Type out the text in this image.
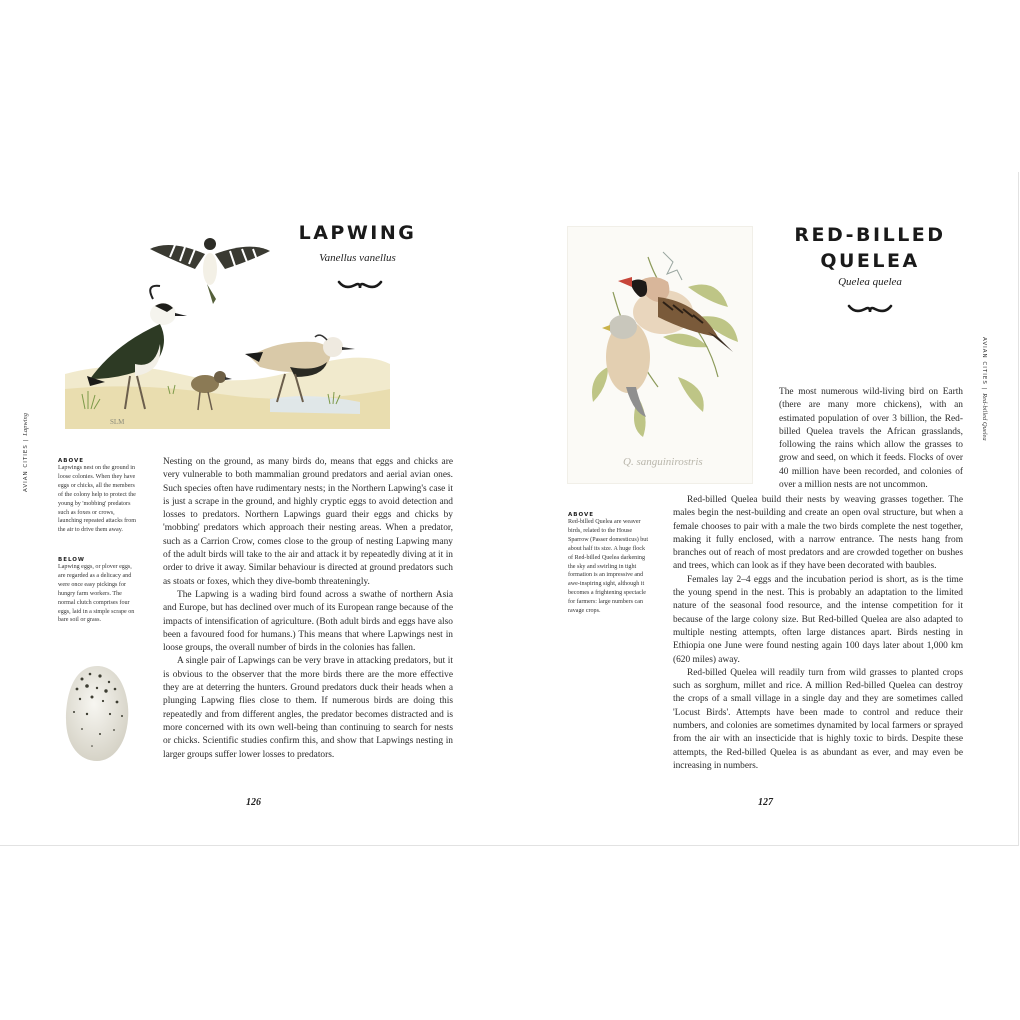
AVIAN CITIES | Lapwing	SLM
LAPWING
Vanellus vanellus
ABOVE
Lapwings nest on the ground in loose colonies. When they have eggs or chicks, all the members of the colony help to protect the young by 'mobbing' predators such as foxes or crows, launching repeated attacks from the air to drive them away.
BELOW
Lapwing eggs, or plover eggs, are regarded as a delicacy and were once easy pickings for hungry farm workers. The normal clutch comprises four eggs, laid in a simple scrape on bare soil or grass.

Nesting on the ground, as many birds do, means that eggs and chicks are very vulnerable to both mammalian ground predators and aerial avian ones. Such species often have rudimentary nests; in the Northern Lapwing's case it is just a scrape in the ground, and highly cryptic eggs to avoid detection and losses to predators. Northern Lapwings guard their eggs and chicks by 'mobbing' predators which approach their nesting areas. When a predator, such as a Carrion Crow, comes close to the group of nesting Lapwing many of the adult birds will take to the air and attack it by repeatedly diving at it in order to drive it away. Similar behaviour is directed at ground predators such as stoats or foxes, which they dive-bomb threateningly.

The Lapwing is a wading bird found across a swathe of northern Asia and Europe, but has declined over much of its European range because of the impacts of intensification of agriculture. (Both adult birds and eggs have also been a favoured food for humans.) This means that where Lapwings nest in loose groups, the overall number of birds in the colonies has fallen.

A single pair of Lapwings can be very brave in attacking predators, but it is obvious to the observer that the more birds there are the more effective they are at deterring the hunters. Ground predators duck their heads when a plunging Lapwing flies close to them. If numerous birds are doing this repeatedly and from different angles, the predator becomes distracted and is more concerned with its own well-being than continuing to search for nests or chicks. Scientific studies confirm this, and show that Lapwings nesting in larger groups suffer lower losses to predators.

126
Q. sanguinirostris
RED-BILLED
QUELEA
Quelea quelea
AVIAN CITIES | Red-billed Quelea
ABOVE
Red-billed Quelea are weaver birds, related to the House Sparrow (Passer domesticus) but about half its size. A huge flock of Red-billed Quelea darkening the sky and swirling in tight formation is an impressive and awe-inspiring sight, although it becomes a frightening spectacle for farmers: large numbers can ravage crops.

The most numerous wild-living bird on Earth (there are many more chickens), with an estimated population of over 3 billion, the Red-billed Quelea travels the African grasslands, following the rains which allow the grasses to grow and seed, on which it feeds. Flocks of over 40 million have been recorded, and colonies of over a million nests are not uncommon.

Red-billed Quelea build their nests by weaving grasses together. The males begin the nest-building and create an open oval structure, but when a female chooses to pair with a male the two birds complete the nest together, making it fully enclosed, with a narrow entrance. The nests hang from branches out of reach of most predators and are crowded together on bushes and trees, which can look as if they have been decorated with baubles.

Females lay 2–4 eggs and the incubation period is short, as is the time the young spend in the nest. This is probably an adaptation to the limited nature of the seasonal food resource, and the intense competition for it because of the large colony size. But Red-billed Quelea are also adapted to multiple nesting attempts, often large distances apart. Birds nesting in Ethiopia one June were found nesting again 100 days later about 1,000 km (620 miles) away.

Red-billed Quelea will readily turn from wild grasses to planted crops such as sorghum, millet and rice. A million Red-billed Quelea can destroy the crops of a small village in a single day and they are sometimes called 'Locust Birds'. Attempts have been made to control and reduce their numbers, and colonies are sometimes dynamited by local farmers or sprayed from the air with an insecticide that is highly toxic to birds. Despite these attempts, the Red-billed Quelea is as abundant as ever, and may even be increasing in numbers.

127
